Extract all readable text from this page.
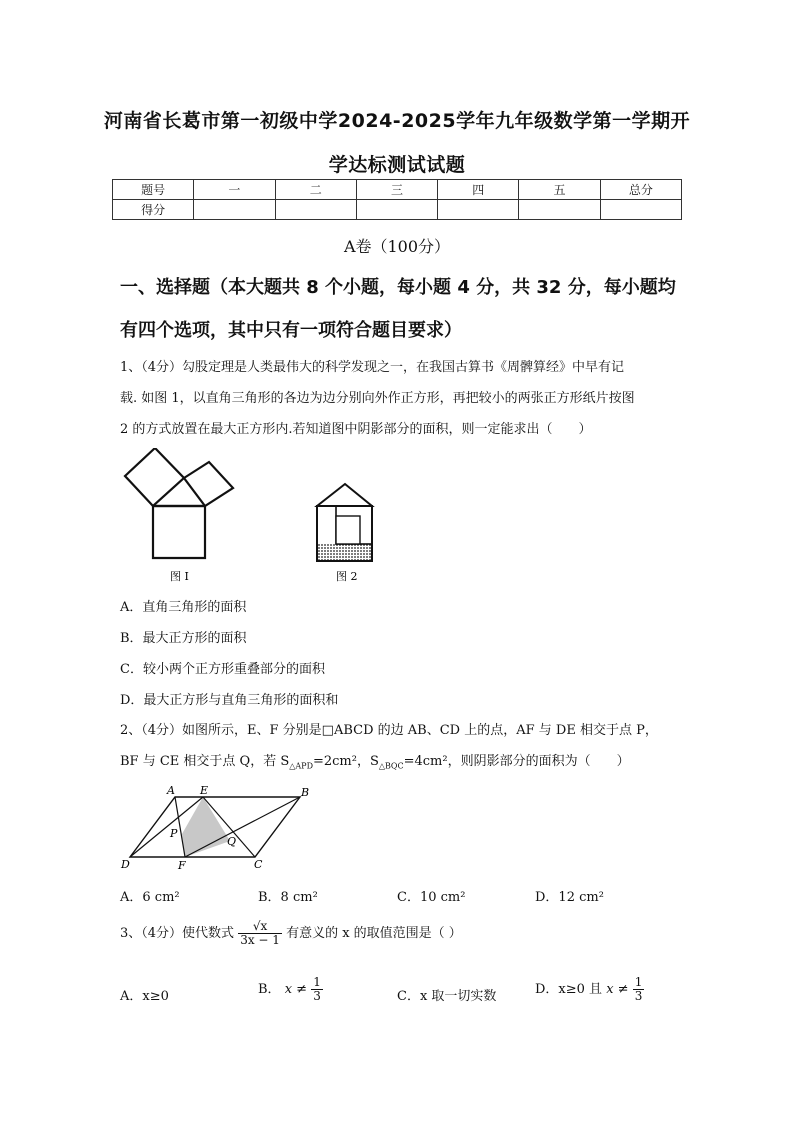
河南省长葛市第一初级中学2024-2025学年九年级数学第一学期开
学达标测试试题
题号	一	二	三	四	五	总分
得分						
A卷（100分）
一、选择题（本大题共 8 个小题，每小题 4 分，共 32 分，每小题均
有四个选项，其中只有一项符合题目要求）
1、（4分）勾股定理是人类最伟大的科学发现之一，在我国古算书《周髀算经》中早有记
载. 如图 1，以直角三角形的各边为边分别向外作正方形，再把较小的两张正方形纸片按图
2 的方式放置在最大正方形内.若知道图中阴影部分的面积，则一定能求出（　　）
图 I	图 2
A．直角三角形的面积
B．最大正方形的面积
C．较小两个正方形重叠部分的面积
D．最大正方形与直角三角形的面积和
2、（4分）如图所示，E、F 分别是□ABCD 的边 AB、CD 上的点，AF 与 DE 相交于点 P，
BF 与 CE 相交于点 Q，若 $S_{\triangle APD}=2cm^2$，$S_{\triangle BQC}=4cm^2$，则阴影部分的面积为（　　）
A E	B
P
Q
D	F	C
A．6 cm²	B．8 cm²	C．10 cm²	D．12 cm²
3、（4分）使代数式 $\frac{√x}{3x - 1}$ 有意义的 x 的取值范围是（ ）
A．x≥0	B． $x \ne \frac{1}{3}$	C．x 取一切实数	D．x≥0 且 $x \ne \frac{1}{3}$
